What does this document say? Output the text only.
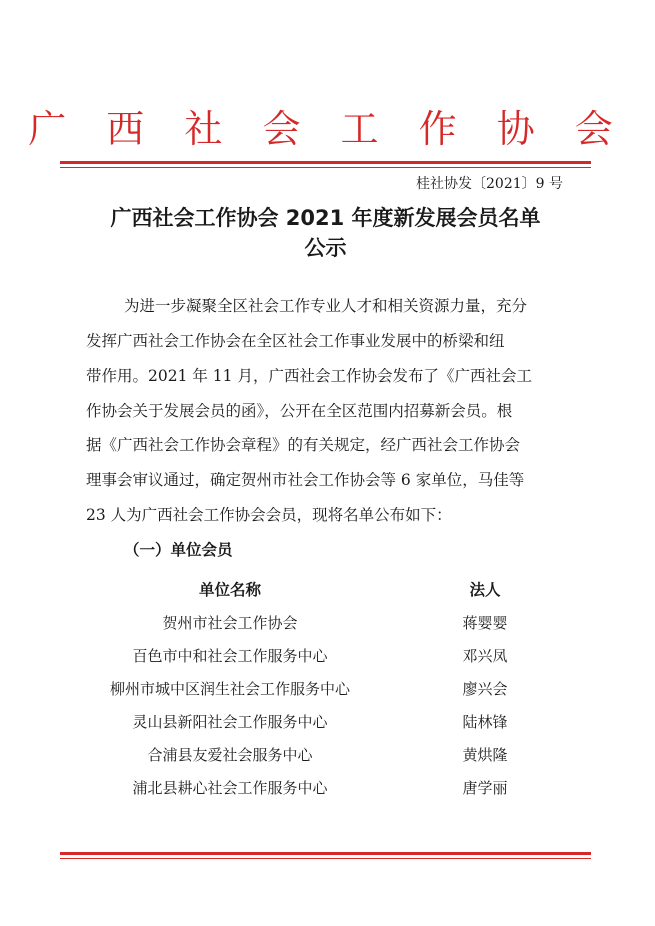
广 西 社 会 工 作 协 会
桂社协发〔2021〕9 号
广西社会工作协会 2021 年度新发展会员名单
公示
为进一步凝聚全区社会工作专业人才和相关资源力量，充分
发挥广西社会工作协会在全区社会工作事业发展中的桥梁和纽
带作用。2021 年 11 月，广西社会工作协会发布了《广西社会工
作协会关于发展会员的函》，公开在全区范围内招募新会员。根
据《广西社会工作协会章程》的有关规定，经广西社会工作协会
理事会审议通过，确定贺州市社会工作协会等 6 家单位，马佳等
23 人为广西社会工作协会会员，现将名单公布如下：
（一）单位会员
单位名称	法人
贺州市社会工作协会	蒋婴婴
百色市中和社会工作服务中心	邓兴凤
柳州市城中区润生社会工作服务中心	廖兴会
灵山县新阳社会工作服务中心	陆林锋
合浦县友爱社会服务中心	黄烘隆
浦北县耕心社会工作服务中心	唐学丽
